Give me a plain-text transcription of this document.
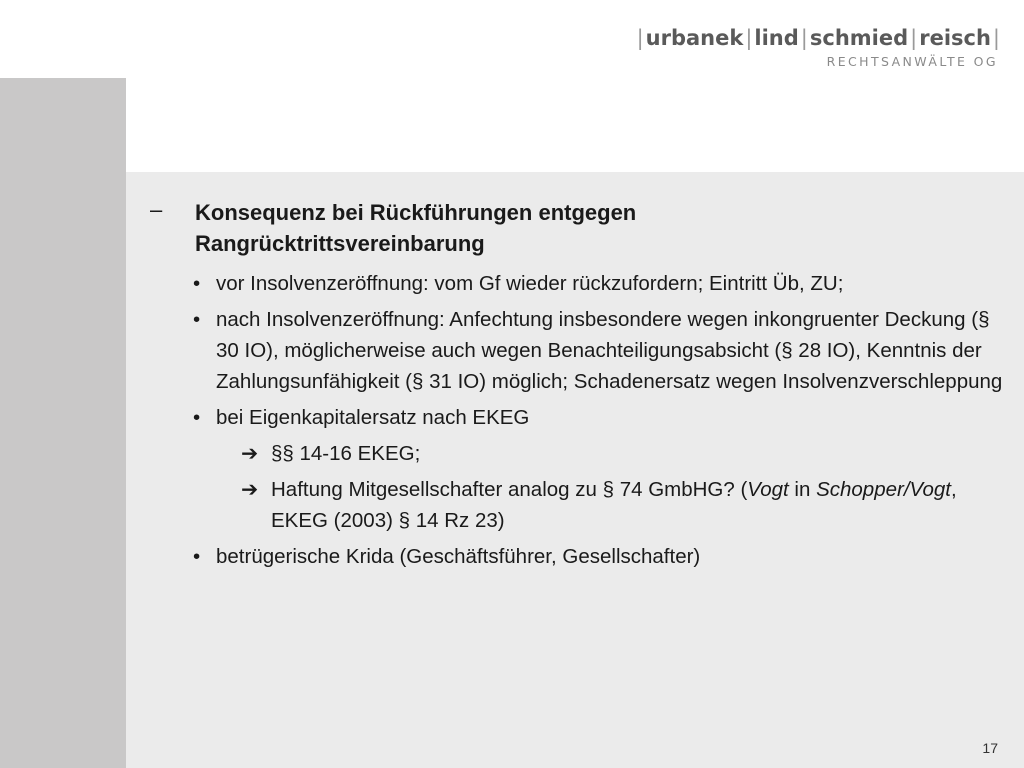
|urbanek|lind|schmied|reisch|
RECHTSANWÄLTE OG
– Konsequenz bei Rückführungen entgegen Rangrücktrittsvereinbarung
• vor Insolvenzeröffnung: vom Gf wieder rückzufordern; Eintritt Üb, ZU;
• nach Insolvenzeröffnung: Anfechtung insbesondere wegen inkongruenter Deckung (§ 30 IO), möglicherweise auch wegen Benachteiligungsabsicht (§ 28 IO), Kenntnis der Zahlungsunfähigkeit (§ 31 IO) möglich; Schadenersatz wegen Insolvenzverschleppung
• bei Eigenkapitalersatz nach EKEG
➔ §§ 14-16 EKEG;
➔ Haftung Mitgesellschafter analog zu § 74 GmbHG? (Vogt in Schopper/Vogt, EKEG (2003) § 14 Rz 23)
• betrügerische Krida (Geschäftsführer, Gesellschafter)
17
